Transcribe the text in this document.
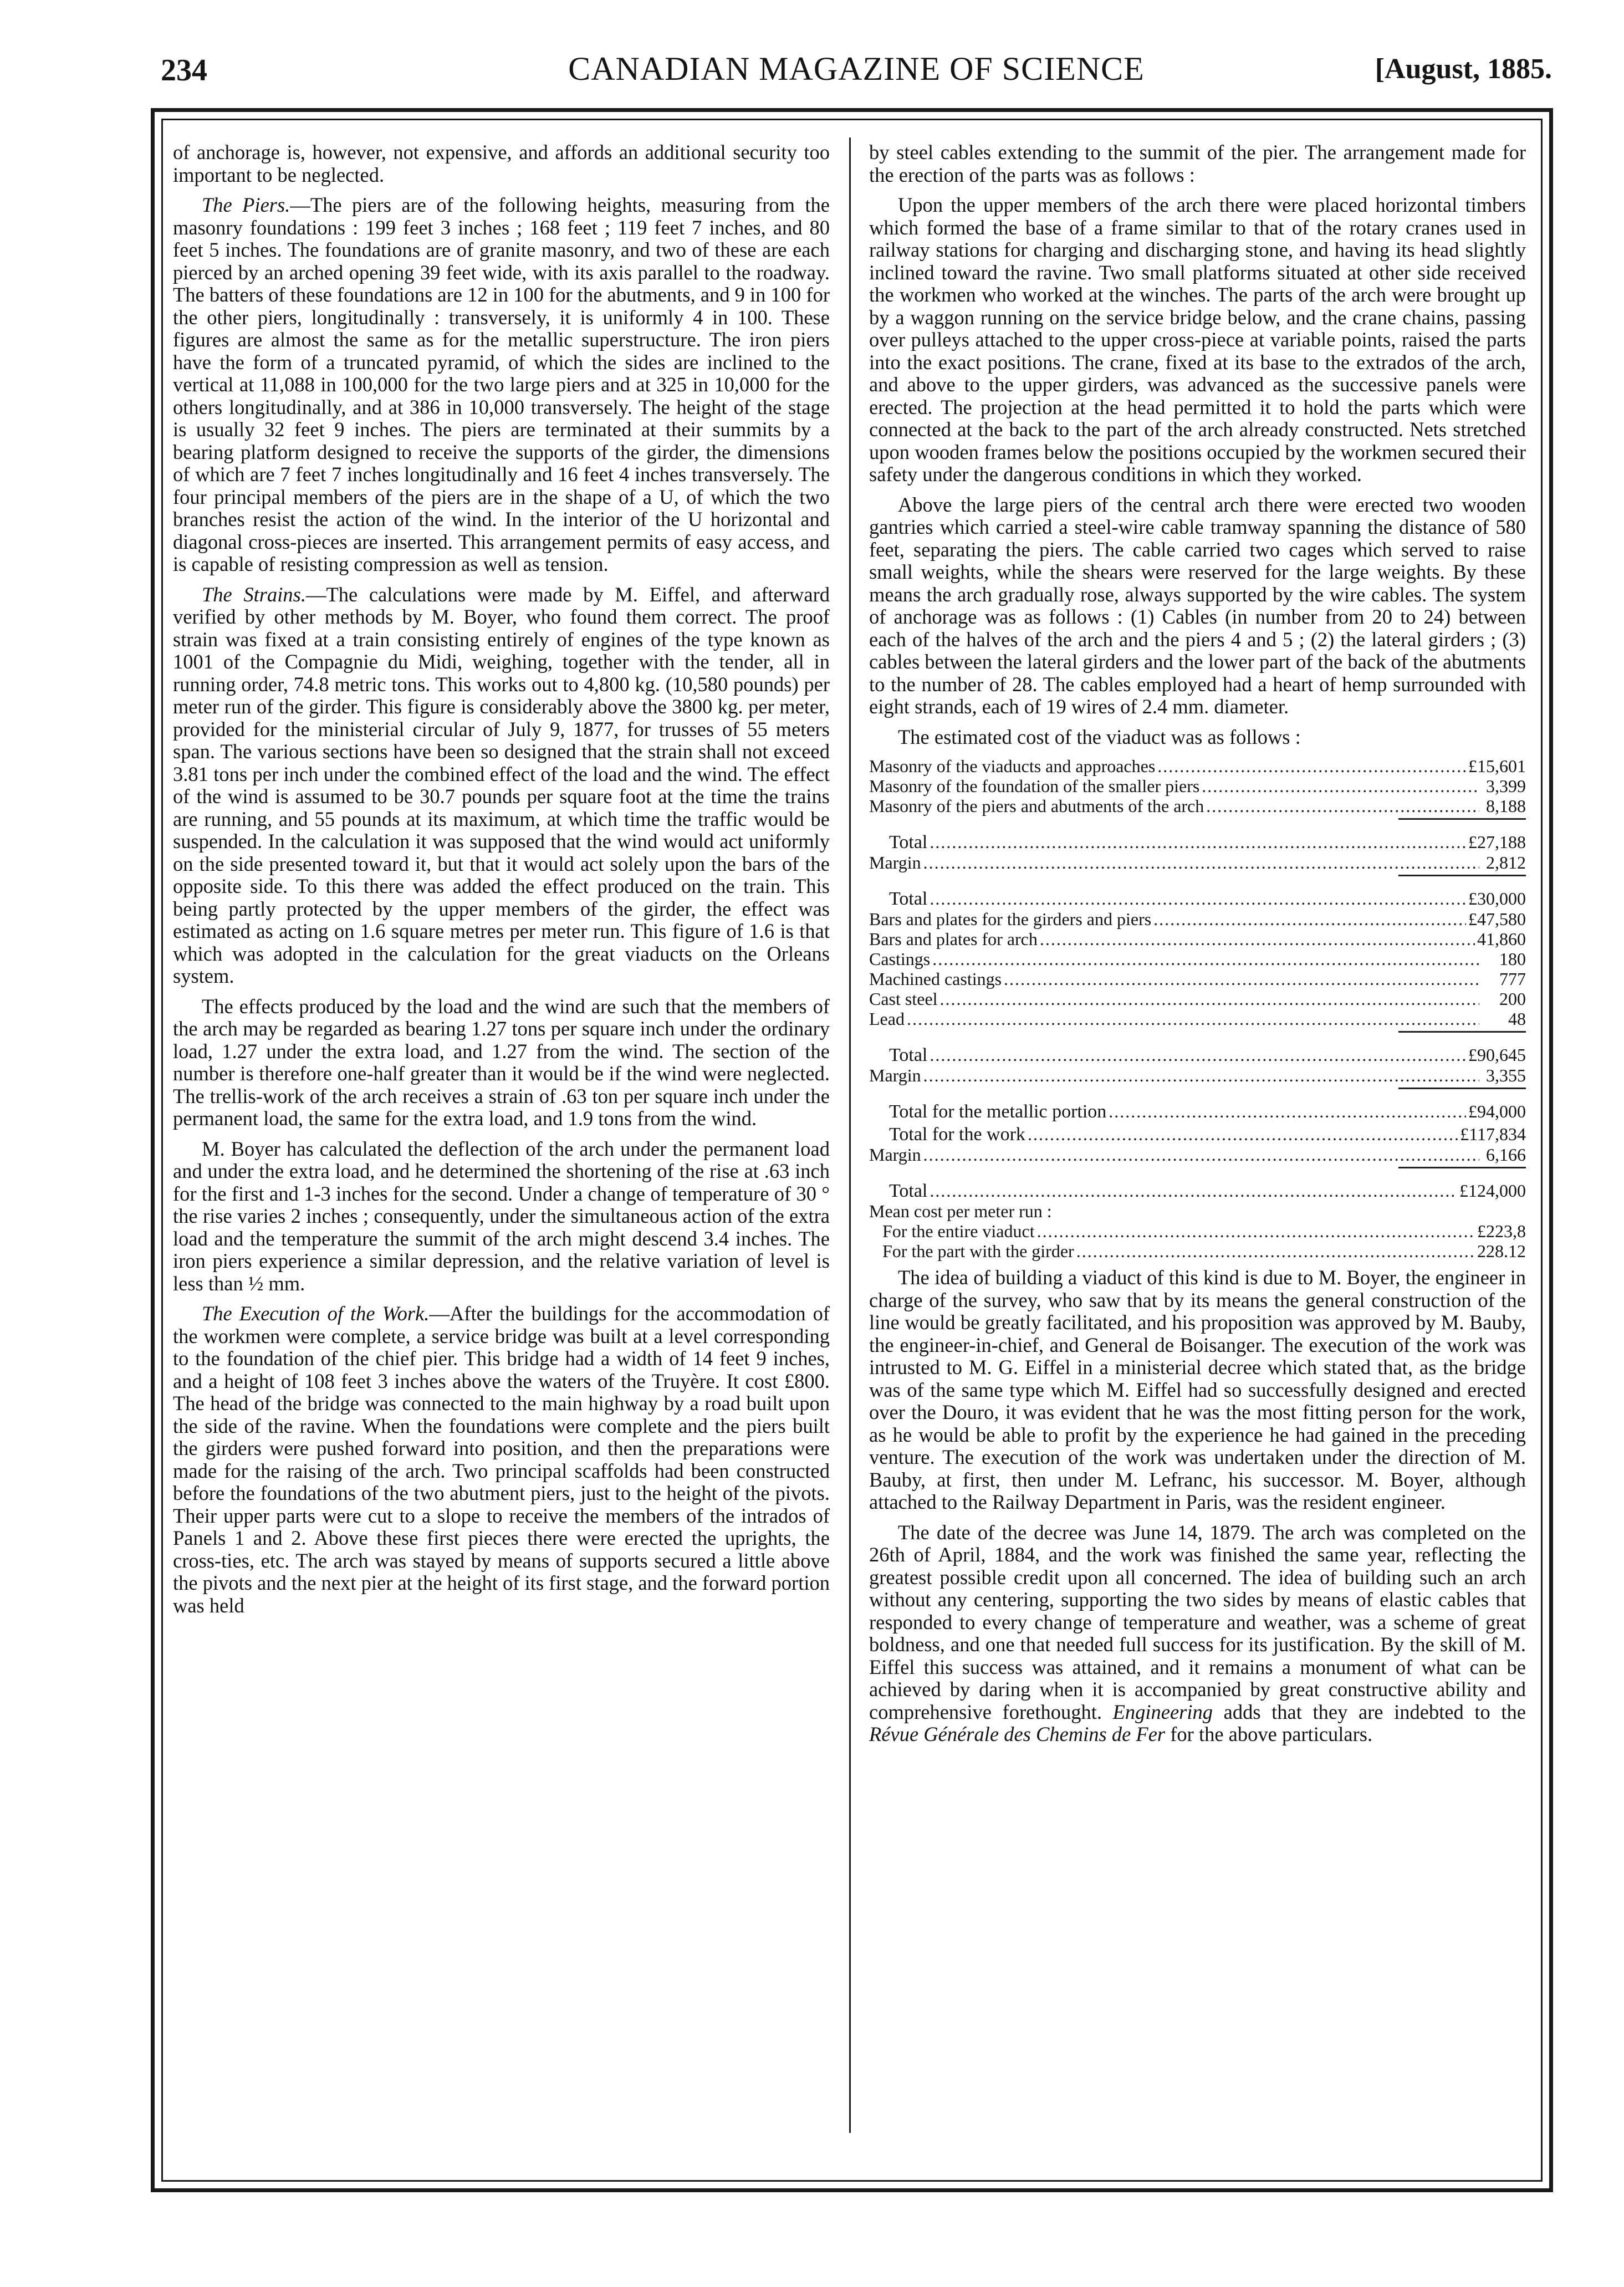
234	CANADIAN MAGAZINE OF SCIENCE	[August, 1885.

of anchorage is, however, not expensive, and affords an additional security too important to be neglected.

The Piers.—The piers are of the following heights, measuring from the masonry foundations : 199 feet 3 inches ; 168 feet ; 119 feet 7 inches, and 80 feet 5 inches. The foundations are of granite masonry, and two of these are each pierced by an arched opening 39 feet wide, with its axis parallel to the roadway. The batters of these foundations are 12 in 100 for the abutments, and 9 in 100 for the other piers, longitudinally : transversely, it is uniformly 4 in 100. These figures are almost the same as for the metallic superstructure. The iron piers have the form of a truncated pyramid, of which the sides are inclined to the vertical at 11,088 in 100,000 for the two large piers and at 325 in 10,000 for the others longitudinally, and at 386 in 10,000 transversely. The height of the stage is usually 32 feet 9 inches. The piers are terminated at their summits by a bearing platform designed to receive the supports of the girder, the dimensions of which are 7 feet 7 inches longitudinally and 16 feet 4 inches transversely. The four principal members of the piers are in the shape of a U, of which the two branches resist the action of the wind. In the interior of the U horizontal and diagonal cross-pieces are inserted. This arrangement permits of easy access, and is capable of resisting compression as well as tension.

The Strains.—The calculations were made by M. Eiffel, and afterward verified by other methods by M. Boyer, who found them correct. The proof strain was fixed at a train consisting entirely of engines of the type known as 1001 of the Compagnie du Midi, weighing, together with the tender, all in running order, 74.8 metric tons. This works out to 4,800 kg. (10,580 pounds) per meter run of the girder. This figure is considerably above the 3800 kg. per meter, provided for the ministerial circular of July 9, 1877, for trusses of 55 meters span. The various sections have been so designed that the strain shall not exceed 3.81 tons per inch under the combined effect of the load and the wind. The effect of the wind is assumed to be 30.7 pounds per square foot at the time the trains are running, and 55 pounds at its maximum, at which time the traffic would be suspended. In the calculation it was supposed that the wind would act uniformly on the side presented toward it, but that it would act solely upon the bars of the opposite side. To this there was added the effect produced on the train. This being partly protected by the upper members of the girder, the effect was estimated as acting on 1.6 square metres per meter run. This figure of 1.6 is that which was adopted in the calculation for the great viaducts on the Orleans system.

The effects produced by the load and the wind are such that the members of the arch may be regarded as bearing 1.27 tons per square inch under the ordinary load, 1.27 under the extra load, and 1.27 from the wind. The section of the number is therefore one-half greater than it would be if the wind were neglected. The trellis-work of the arch receives a strain of .63 ton per square inch under the permanent load, the same for the extra load, and 1.9 tons from the wind.

M. Boyer has calculated the deflection of the arch under the permanent load and under the extra load, and he determined the shortening of the rise at .63 inch for the first and 1-3 inches for the second. Under a change of temperature of 30 ° the rise varies 2 inches ; consequently, under the simultaneous action of the extra load and the temperature the summit of the arch might descend 3.4 inches. The iron piers experience a similar depression, and the relative variation of level is less than ½ mm.

The Execution of the Work.—After the buildings for the accommodation of the workmen were complete, a service bridge was built at a level corresponding to the foundation of the chief pier. This bridge had a width of 14 feet 9 inches, and a height of 108 feet 3 inches above the waters of the Truyère. It cost £800. The head of the bridge was connected to the main highway by a road built upon the side of the ravine. When the foundations were complete and the piers built the girders were pushed forward into position, and then the preparations were made for the raising of the arch. Two principal scaffolds had been constructed before the foundations of the two abutment piers, just to the height of the pivots. Their upper parts were cut to a slope to receive the members of the intrados of Panels 1 and 2. Above these first pieces there were erected the uprights, the cross-ties, etc. The arch was stayed by means of supports secured a little above the pivots and the next pier at the height of its first stage, and the forward portion was held

by steel cables extending to the summit of the pier. The arrangement made for the erection of the parts was as follows :

Upon the upper members of the arch there were placed horizontal timbers which formed the base of a frame similar to that of the rotary cranes used in railway stations for charging and discharging stone, and having its head slightly inclined toward the ravine. Two small platforms situated at other side received the workmen who worked at the winches. The parts of the arch were brought up by a waggon running on the service bridge below, and the crane chains, passing over pulleys attached to the upper cross-piece at variable points, raised the parts into the exact positions. The crane, fixed at its base to the extrados of the arch, and above to the upper girders, was advanced as the successive panels were erected. The projection at the head permitted it to hold the parts which were connected at the back to the part of the arch already constructed. Nets stretched upon wooden frames below the positions occupied by the workmen secured their safety under the dangerous conditions in which they worked.

Above the large piers of the central arch there were erected two wooden gantries which carried a steel-wire cable tramway spanning the distance of 580 feet, separating the piers. The cable carried two cages which served to raise small weights, while the shears were reserved for the large weights. By these means the arch gradually rose, always supported by the wire cables. The system of anchorage was as follows : (1) Cables (in number from 20 to 24) between each of the halves of the arch and the piers 4 and 5 ; (2) the lateral girders ; (3) cables between the lateral girders and the lower part of the back of the abutments to the number of 28. The cables employed had a heart of hemp surrounded with eight strands, each of 19 wires of 2.4 mm. diameter.

The estimated cost of the viaduct was as follows :

Masonry of the viaducts and approaches .....	£15,601
Masonry of the foundation of the smaller piers .....	3,399
Masonry of the piers and abutments of the arch .....	8,188
Total .....	£27,188
Margin .....	2,812
Total .....	£30,000
Bars and plates for the girders and piers .....	£47,580
Bars and plates for arch .....	41,860
Castings .....	180
Machined castings .....	777
Cast steel .....	200
Lead .....	48
Total .....	£90,645
Margin .....	3,355
Total for the metallic portion .....	£94,000
Total for the work .....	£117,834
Margin .....	6,166
Total .....	£124,000
Mean cost per meter run :
For the entire viaduct .....	£223,8
For the part with the girder .....	228.12

The idea of building a viaduct of this kind is due to M. Boyer, the engineer in charge of the survey, who saw that by its means the general construction of the line would be greatly facilitated, and his proposition was approved by M. Bauby, the engineer-in-chief, and General de Boisanger. The execution of the work was intrusted to M. G. Eiffel in a ministerial decree which stated that, as the bridge was of the same type which M. Eiffel had so successfully designed and erected over the Douro, it was evident that he was the most fitting person for the work, as he would be able to profit by the experience he had gained in the preceding venture. The execution of the work was undertaken under the direction of M. Bauby, at first, then under M. Lefranc, his successor. M. Boyer, although attached to the Railway Department in Paris, was the resident engineer.

The date of the decree was June 14, 1879. The arch was completed on the 26th of April, 1884, and the work was finished the same year, reflecting the greatest possible credit upon all concerned. The idea of building such an arch without any centering, supporting the two sides by means of elastic cables that responded to every change of temperature and weather, was a scheme of great boldness, and one that needed full success for its justification. By the skill of M. Eiffel this success was attained, and it remains a monument of what can be achieved by daring when it is accompanied by great constructive ability and comprehensive forethought. Engineering adds that they are indebted to the Révue Générale des Chemins de Fer for the above particulars.
